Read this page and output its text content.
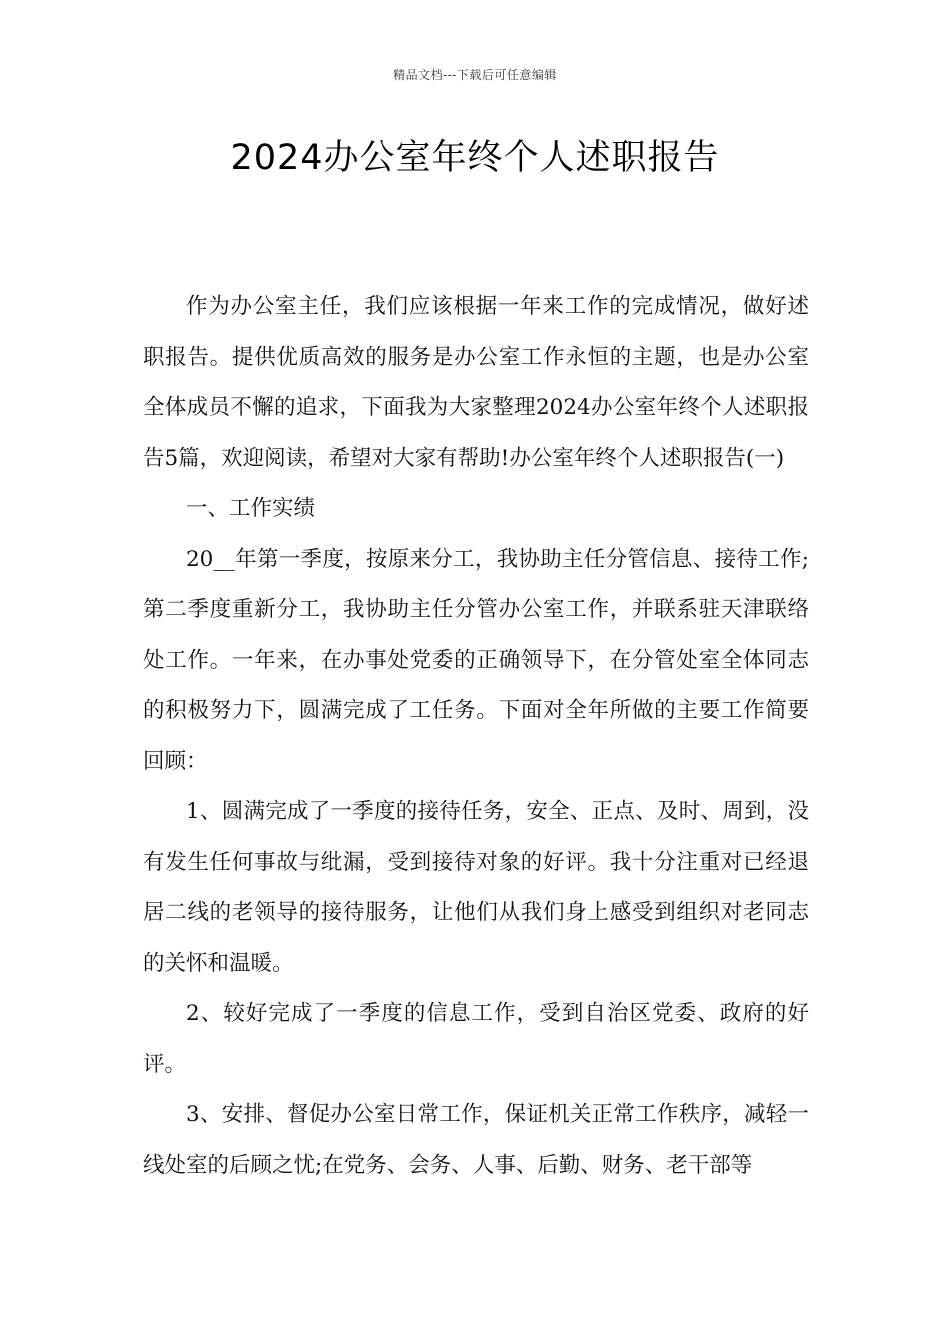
精品文档---下载后可任意编辑
2024办公室年终个人述职报告

作为办公室主任，我们应该根据一年来工作的完成情况，做好述职报告。提供优质高效的服务是办公室工作永恒的主题，也是办公室全体成员不懈的追求，下面我为大家整理2024办公室年终个人述职报告5篇，欢迎阅读，希望对大家有帮助!办公室年终个人述职报告(一)

一、工作实绩

20__年第一季度，按原来分工，我协助主任分管信息、接待工作;第二季度重新分工，我协助主任分管办公室工作，并联系驻天津联络处工作。一年来，在办事处党委的正确领导下，在分管处室全体同志的积极努力下，圆满完成了工任务。下面对全年所做的主要工作简要回顾：

1、圆满完成了一季度的接待任务，安全、正点、及时、周到，没有发生任何事故与纰漏，受到接待对象的好评。我十分注重对已经退居二线的老领导的接待服务，让他们从我们身上感受到组织对老同志的关怀和温暖。

2、较好完成了一季度的信息工作，受到自治区党委、政府的好评。

3、安排、督促办公室日常工作，保证机关正常工作秩序，减轻一线处室的后顾之忧;在党务、会务、人事、后勤、财务、老干部等
